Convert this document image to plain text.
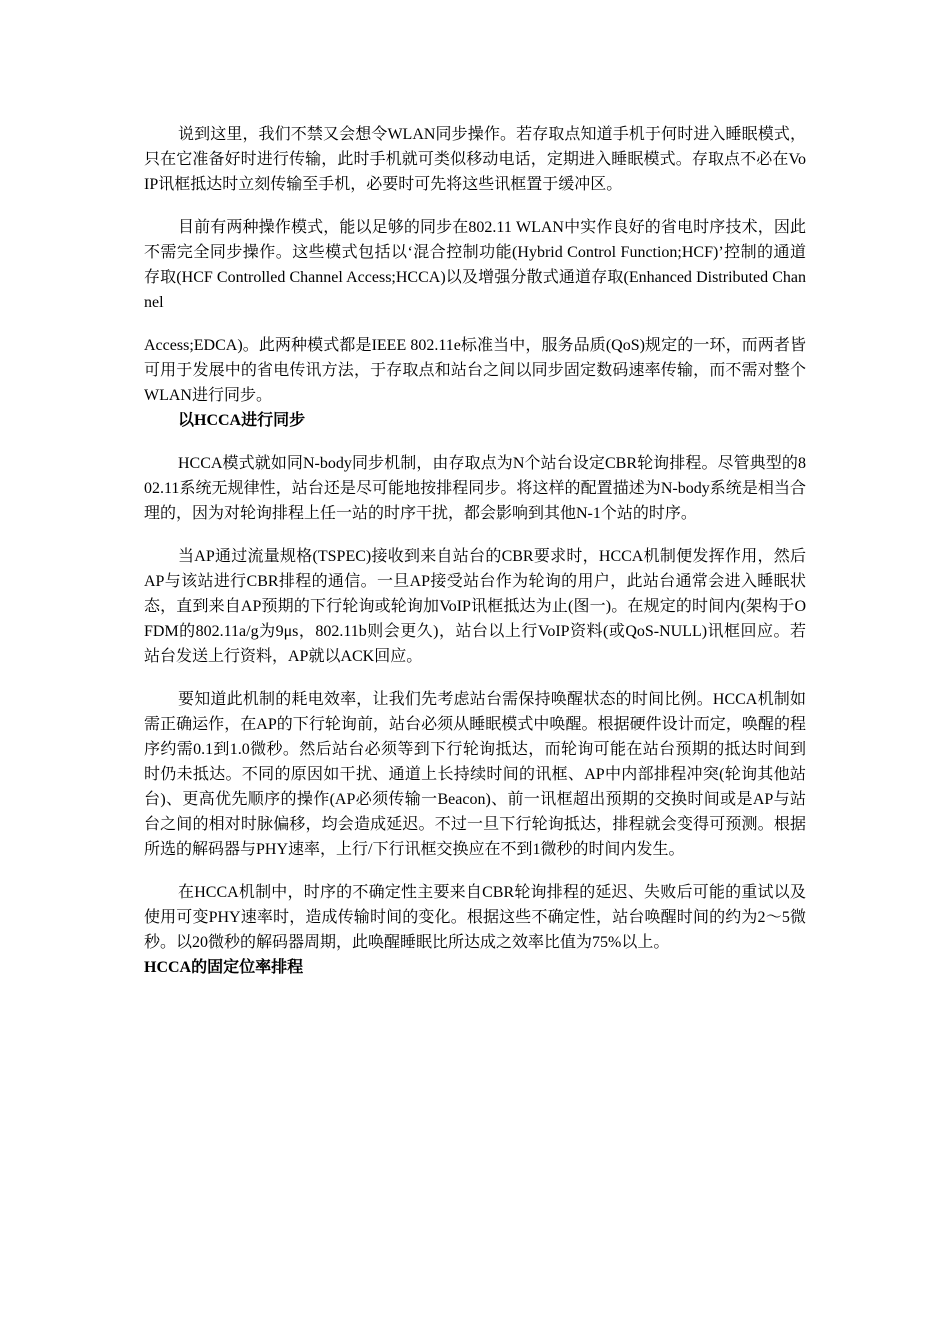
说到这里，我们不禁又会想令WLAN同步操作。若存取点知道手机于何时进入睡眠模式，只在它准备好时进行传输，此时手机就可类似移动电话，定期进入睡眠模式。存取点不必在VoIP讯框抵达时立刻传输至手机，必要时可先将这些讯框置于缓冲区。

目前有两种操作模式，能以足够的同步在802.11 WLAN中实作良好的省电时序技术，因此不需完全同步操作。这些模式包括以‘混合控制功能(Hybrid Control Function;HCF)’控制的通道存取(HCF Controlled Channel Access;HCCA)以及增强分散式通道存取(Enhanced Distributed Channel

Access;EDCA)。此两种模式都是IEEE 802.11e标准当中，服务品质(QoS)规定的一环，而两者皆可用于发展中的省电传讯方法，于存取点和站台之间以同步固定数码速率传输，而不需对整个WLAN进行同步。

以HCCA进行同步

HCCA模式就如同N-body同步机制，由存取点为N个站台设定CBR轮询排程。尽管典型的802.11系统无规律性，站台还是尽可能地按排程同步。将这样的配置描述为N-body系统是相当合理的，因为对轮询排程上任一站的时序干扰，都会影响到其他N-1个站的时序。

当AP通过流量规格(TSPEC)接收到来自站台的CBR要求时，HCCA机制便发挥作用，然后AP与该站进行CBR排程的通信。一旦AP接受站台作为轮询的用户，此站台通常会进入睡眠状态，直到来自AP预期的下行轮询或轮询加VoIP讯框抵达为止(图一)。在规定的时间内(架构于OFDM的802.11a/g为9μs，802.11b则会更久)，站台以上行VoIP资料(或QoS-NULL)讯框回应。若站台发送上行资料，AP就以ACK回应。

要知道此机制的耗电效率，让我们先考虑站台需保持唤醒状态的时间比例。HCCA机制如需正确运作，在AP的下行轮询前，站台必须从睡眠模式中唤醒。根据硬件设计而定，唤醒的程序约需0.1到1.0微秒。然后站台必须等到下行轮询抵达，而轮询可能在站台预期的抵达时间到时仍未抵达。不同的原因如干扰、通道上长持续时间的讯框、AP中内部排程冲突(轮询其他站台)、更高优先顺序的操作(AP必须传输一Beacon)、前一讯框超出预期的交换时间或是AP与站台之间的相对时脉偏移，均会造成延迟。不过一旦下行轮询抵达，排程就会变得可预测。根据所选的解码器与PHY速率，上行/下行讯框交换应在不到1微秒的时间内发生。

在HCCA机制中，时序的不确定性主要来自CBR轮询排程的延迟、失败后可能的重试以及使用可变PHY速率时，造成传输时间的变化。根据这些不确定性，站台唤醒时间的约为2～5微秒。以20微秒的解码器周期，此唤醒睡眠比所达成之效率比值为75%以上。

HCCA的固定位率排程
